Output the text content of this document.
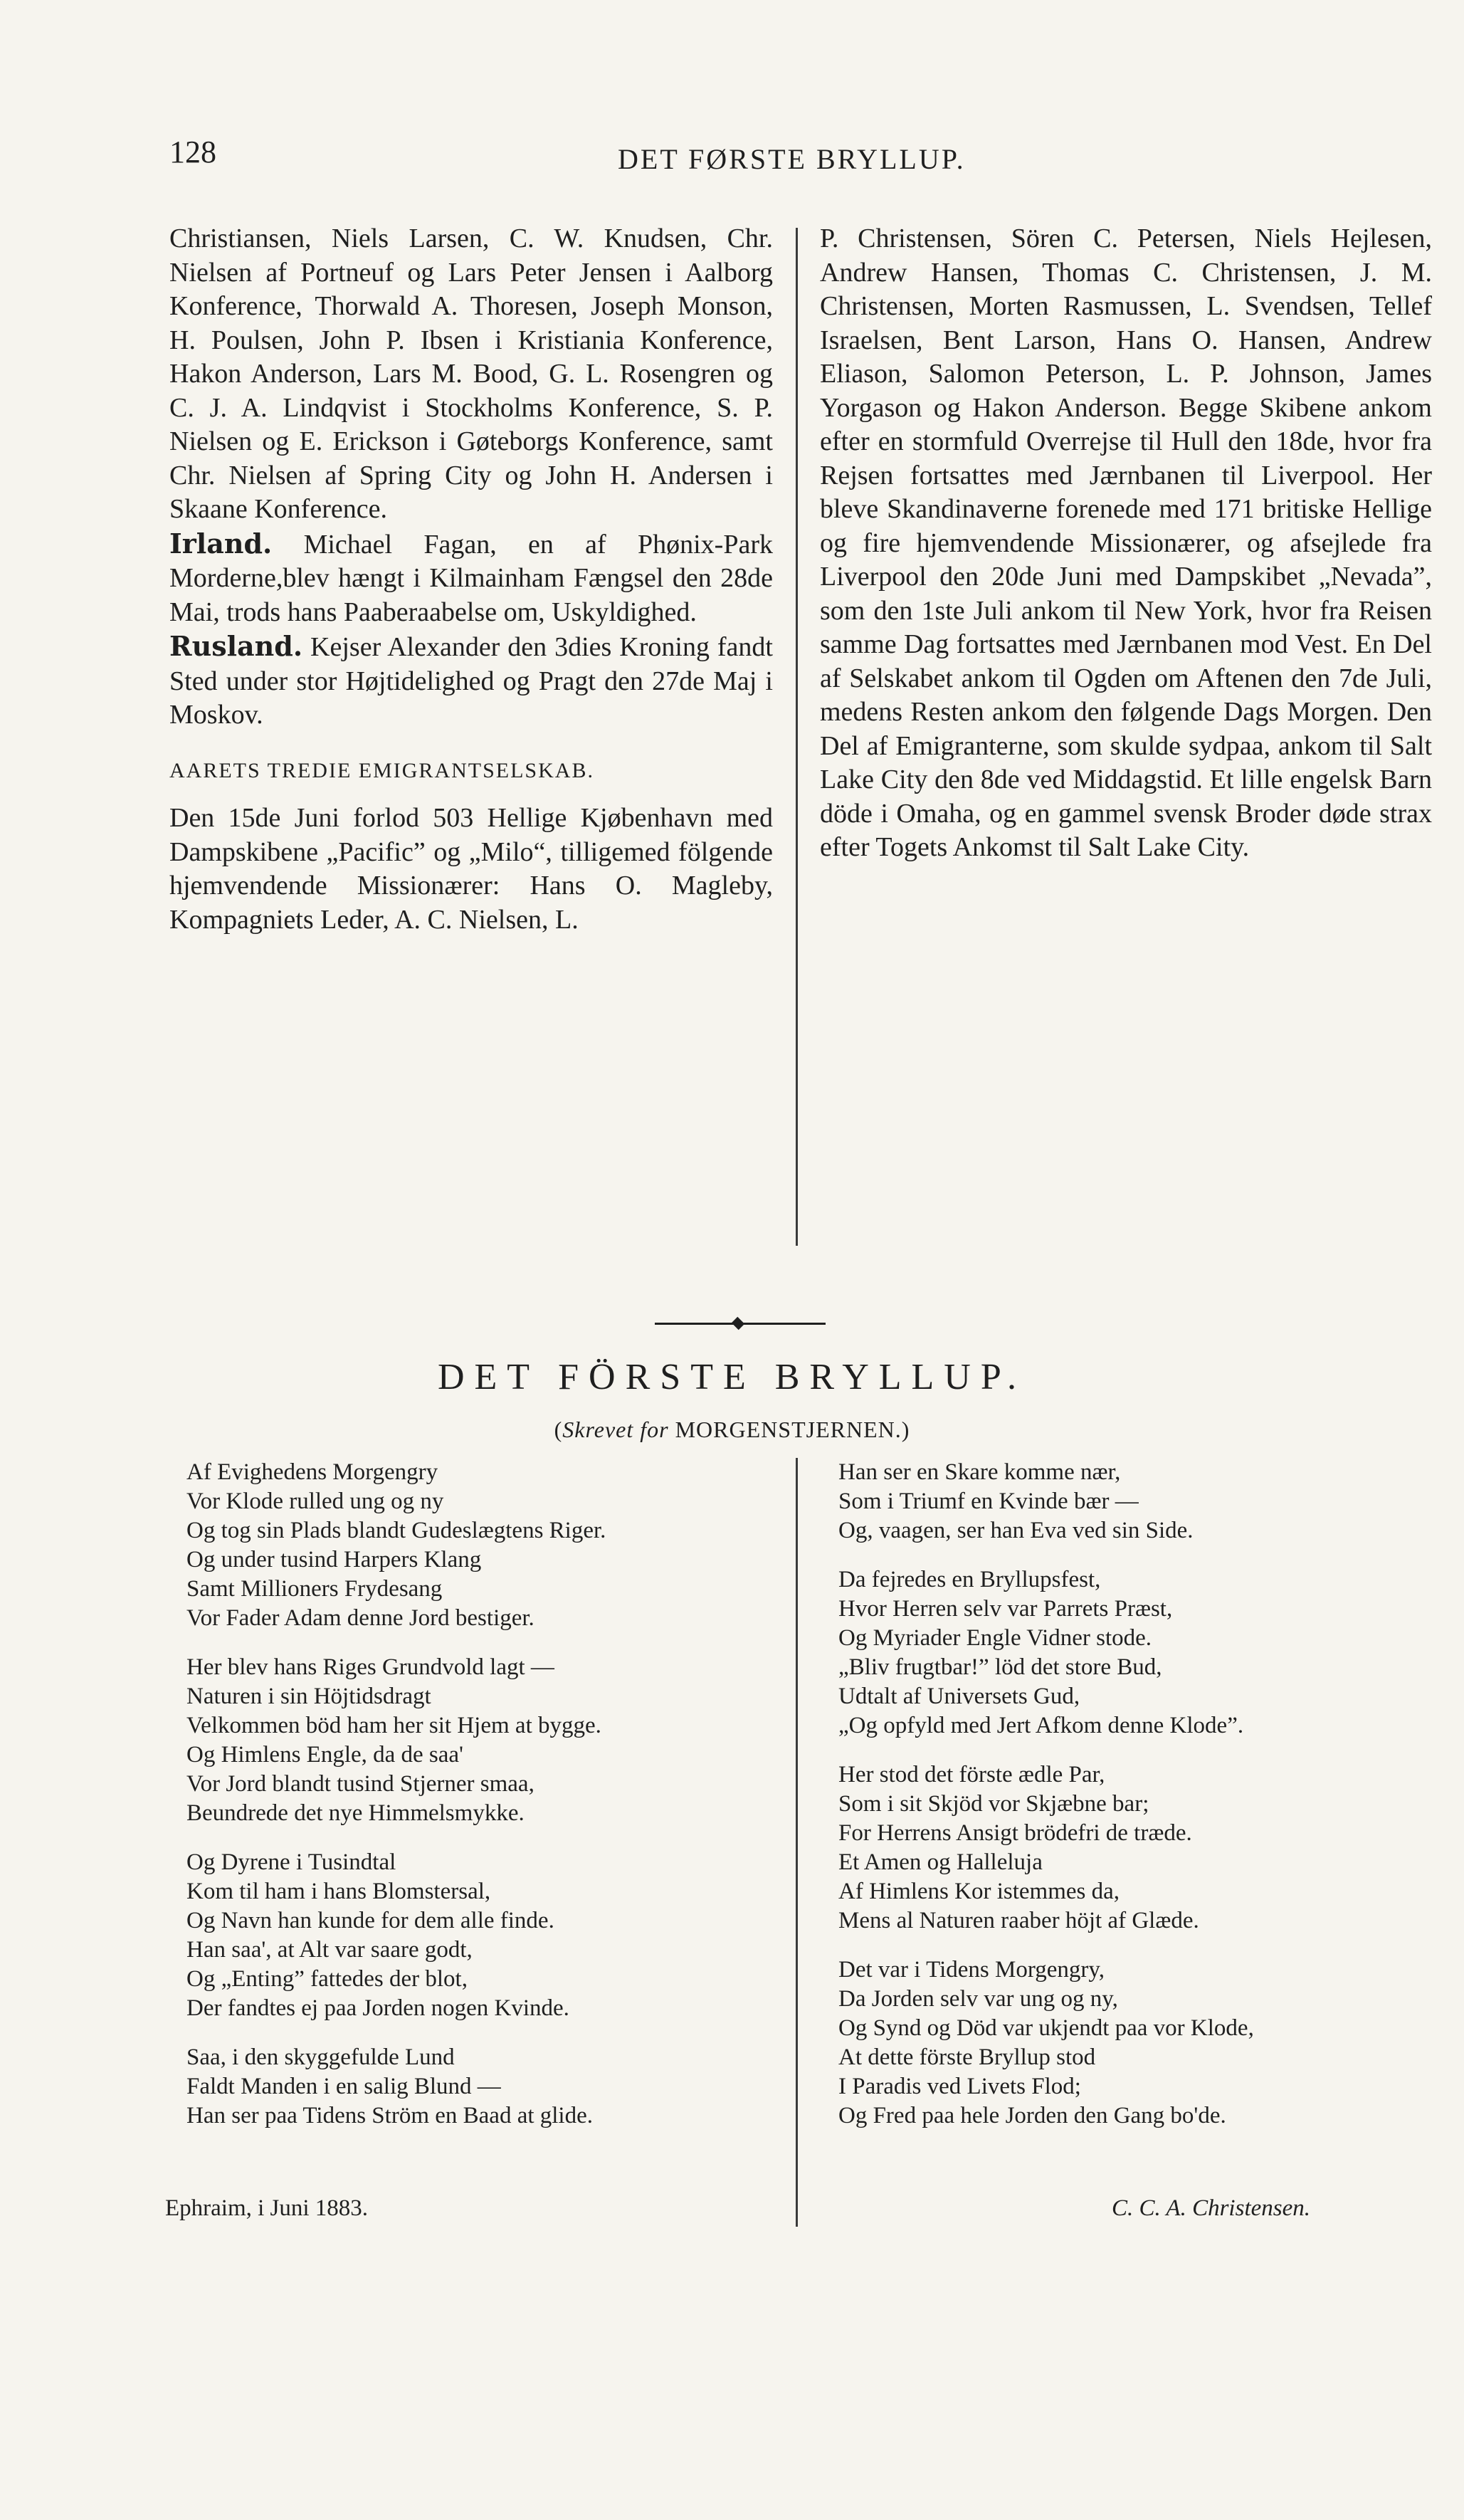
128	DET FØRSTE BRYLLUP.

Christiansen, Niels Larsen, C. W. Knudsen, Chr. Nielsen af Portneuf og Lars Peter Jensen i Aalborg Konference, Thorwald A. Thoresen, Joseph Monson, H. Poulsen, John P. Ibsen i Kristiania Konference, Hakon Anderson, Lars M. Bood, G. L. Rosengren og C. J. A. Lindqvist i Stockholms Konference, S. P. Nielsen og E. Erickson i Gøteborgs Konference, samt Chr. Nielsen af Spring City og John H. Andersen i Skaane Konference.

Irland. Michael Fagan, en af Phønix-Park Morderne,blev hængt i Kilmainham Fængsel den 28de Mai, trods hans Paaberaabelse om, Uskyldighed.

Rusland. Kejser Alexander den 3dies Kroning fandt Sted under stor Højtidelighed og Pragt den 27de Maj i Moskov.

AARETS TREDIE EMIGRANTSELSKAB.

Den 15de Juni forlod 503 Hellige Kjøbenhavn med Dampskibene „Pacific” og „Milo“, tilligemed fölgende hjemvendende Missionærer: Hans O. Magleby, Kompagniets Leder, A. C. Nielsen, L.

P. Christensen, Sören C. Petersen, Niels Hejlesen, Andrew Hansen, Thomas C. Christensen, J. M. Christensen, Morten Rasmussen, L. Svendsen, Tellef Israelsen, Bent Larson, Hans O. Hansen, Andrew Eliason, Salomon Peterson, L. P. Johnson, James Yorgason og Hakon Anderson. Begge Skibene ankom efter en stormfuld Overrejse til Hull den 18de, hvor fra Rejsen fortsattes med Jærnbanen til Liverpool. Her bleve Skandinaverne forenede med 171 britiske Hellige og fire hjemvendende Missionærer, og afsejlede fra Liverpool den 20de Juni med Dampskibet „Nevada”, som den 1ste Juli ankom til New York, hvor fra Reisen samme Dag fortsattes med Jærnbanen mod Vest. En Del af Selskabet ankom til Ogden om Aftenen den 7de Juli, medens Resten ankom den følgende Dags Morgen. Den Del af Emigranterne, som skulde sydpaa, ankom til Salt Lake City den 8de ved Middagstid. Et lille engelsk Barn döde i Omaha, og en gammel svensk Broder døde strax efter Togets Ankomst til Salt Lake City.

DET FÖRSTE BRYLLUP.
(Skrevet for MORGENSTJERNEN.)
Af Evighedens Morgengry
Vor Klode rulled ung og ny
Og tog sin Plads blandt Gudeslægtens Riger.
Og under tusind Harpers Klang
Samt Millioners Frydesang
Vor Fader Adam denne Jord bestiger.
Her blev hans Riges Grundvold lagt —
Naturen i sin Höjtidsdragt
Velkommen böd ham her sit Hjem at bygge.
Og Himlens Engle, da de saa'
Vor Jord blandt tusind Stjerner smaa,
Beundrede det nye Himmelsmykke.
Og Dyrene i Tusindtal
Kom til ham i hans Blomstersal,
Og Navn han kunde for dem alle finde.
Han saa', at Alt var saare godt,
Og „Enting” fattedes der blot,
Der fandtes ej paa Jorden nogen Kvinde.
Saa, i den skyggefulde Lund
Faldt Manden i en salig Blund —
Han ser paa Tidens Ström en Baad at glide.
Han ser en Skare komme nær,
Som i Triumf en Kvinde bær —
Og, vaagen, ser han Eva ved sin Side.
Da fejredes en Bryllupsfest,
Hvor Herren selv var Parrets Præst,
Og Myriader Engle Vidner stode.
„Bliv frugtbar!” löd det store Bud,
Udtalt af Universets Gud,
„Og opfyld med Jert Afkom denne Klode”.
Her stod det förste ædle Par,
Som i sit Skjöd vor Skjæbne bar;
For Herrens Ansigt brödefri de træde.
Et Amen og Halleluja
Af Himlens Kor istemmes da,
Mens al Naturen raaber höjt af Glæde.
Det var i Tidens Morgengry,
Da Jorden selv var ung og ny,
Og Synd og Död var ukjendt paa vor Klode,
At dette förste Bryllup stod
I Paradis ved Livets Flod;
Og Fred paa hele Jorden den Gang bo'de.
Ephraim, i Juni 1883.	C. C. A. Christensen.
